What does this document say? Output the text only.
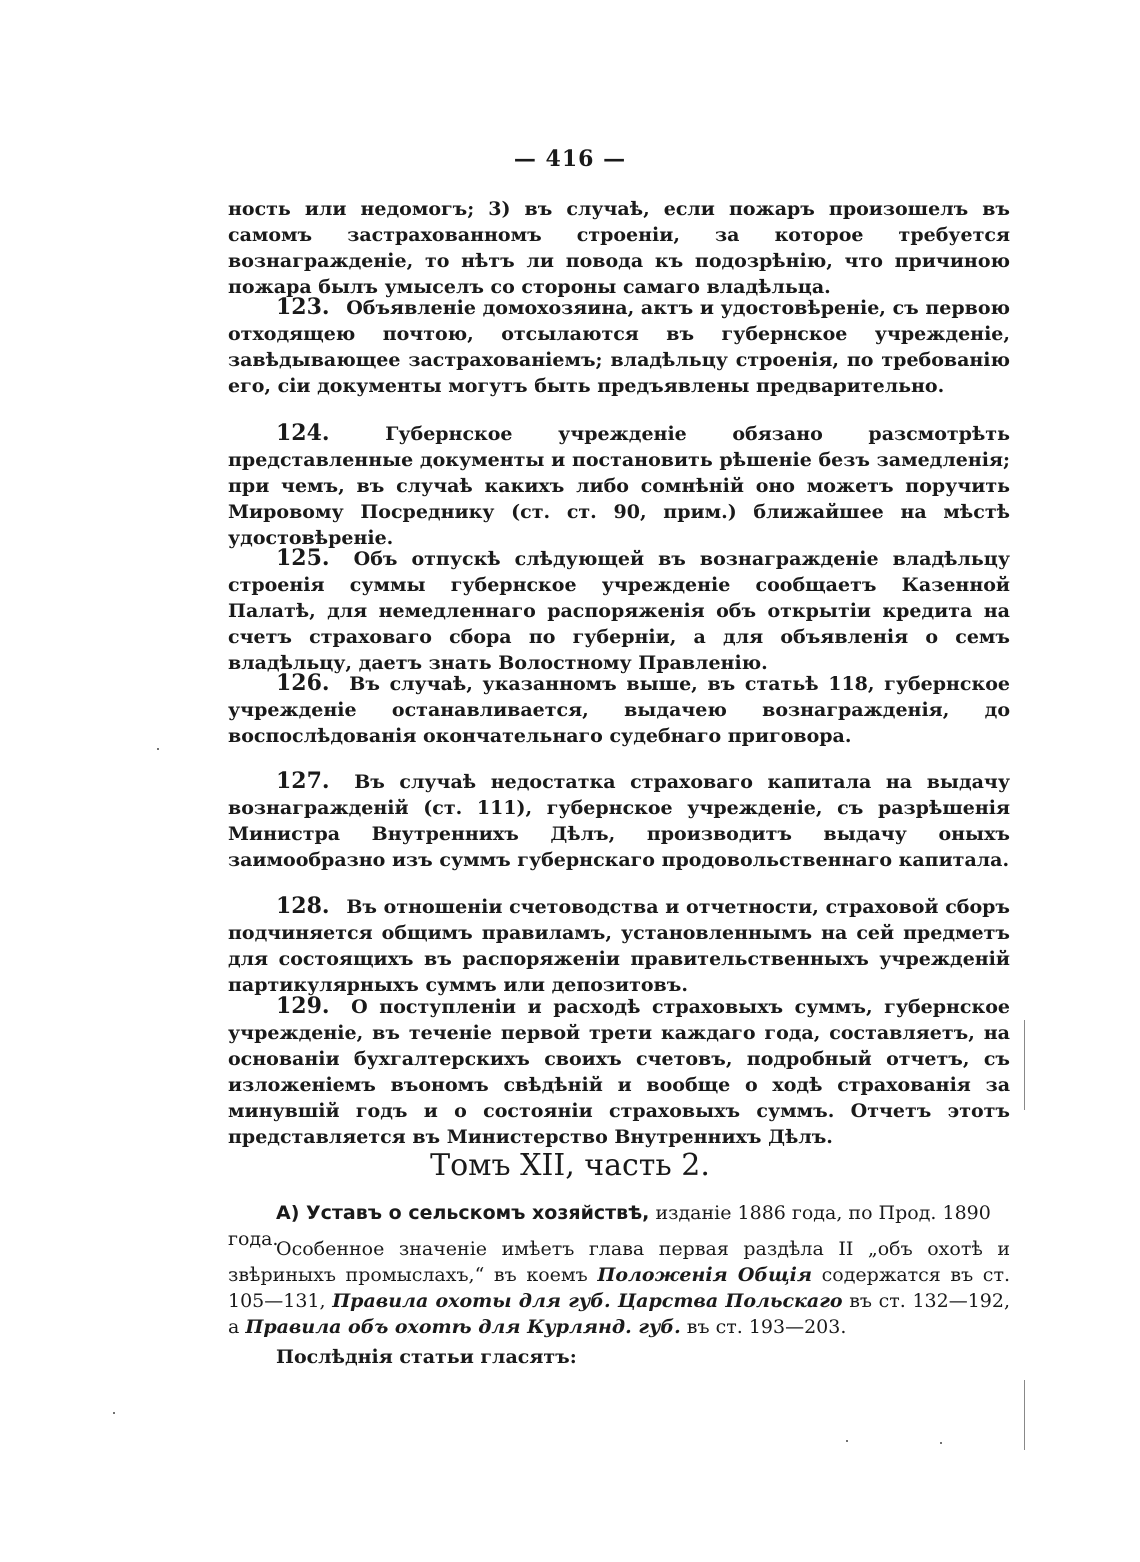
— 416 —

ность или недомогъ; 3) въ случаѣ, если пожаръ произошелъ въ самомъ застрахованномъ строеніи, за которое требуется вознагражденіе, то нѣтъ ли повода къ подозрѣнію, что причиною пожара былъ умыселъ со стороны самаго владѣльца.

123. Объявленіе домохозяина, актъ и удостовѣреніе, съ первою отходящею почтою, отсылаются въ губернское учрежденіе, завѣдывающее застрахованіемъ; владѣльцу строенія, по требованію его, сіи документы могутъ быть предъявлены предварительно.

124.	Губернское учрежденіе обязано разсмотрѣть представленные документы и постановить рѣшеніе безъ замедленія; при чемъ, въ случаѣ какихъ либо сомнѣній оно можетъ поручить Мировому Посреднику (ст. ст. 90, прим.) ближайшее на мѣстѣ удостовѣреніе.

125. Объ отпускѣ слѣдующей въ вознагражденіе владѣльцу строенія суммы губернское учрежденіе сообщаетъ Казенной Палатѣ, для немедленнаго распоряженія объ открытіи кредита на счетъ страховаго сбора по губерніи, а для объявленія о семъ владѣльцу, даетъ знать Волостному Правленію.

126. Въ случаѣ, указанномъ выше, въ статьѣ 118, губернское учрежденіе останавливается, выдачею вознагражденія, до воспослѣдованія окончательнаго судебнаго приговора.

127. Въ случаѣ недостатка страховаго капитала на выдачу вознагражденій (ст. 111), губернское учрежденіе, съ разрѣшенія Министра Внутреннихъ Дѣлъ, производитъ выдачу оныхъ заимообразно изъ суммъ губернскаго продовольственнаго капитала.

128. Въ отношеніи счетоводства и отчетности, страховой сборъ подчиняется общимъ правиламъ, установленнымъ на сей предметъ для состоящихъ въ распоряженіи правительственныхъ учрежденій партикулярныхъ суммъ или депозитовъ.

129. О поступленіи и расходѣ страховыхъ суммъ, губернское учрежденіе, въ теченіе первой трети каждаго года, составляетъ, на основаніи бухгалтерскихъ своихъ счетовъ, подробный отчетъ, съ изложеніемъ въономъ свѣдѣній и вообще о ходѣ страхованія за минувшій годъ и о состояніи страховыхъ суммъ. Отчетъ этотъ представляется въ Министерство Внутреннихъ Дѣлъ.

Томъ XII, часть 2.
А) Уставъ о сельскомъ хозяйствѣ, изданіе 1886 года, по Прод. 1890 года.

Особенное значеніе имѣетъ глава первая раздѣла II „объ охотѣ и звѣриныхъ промыслахъ,“ въ коемъ Положенія Общія содержатся въ ст. 105—131, Правила охоты для губ. Царства Польскаго въ ст. 132—192, а Правила объ охотѣ для Курлянд. губ. въ ст. 193—203.

Послѣднія статьи гласятъ:
